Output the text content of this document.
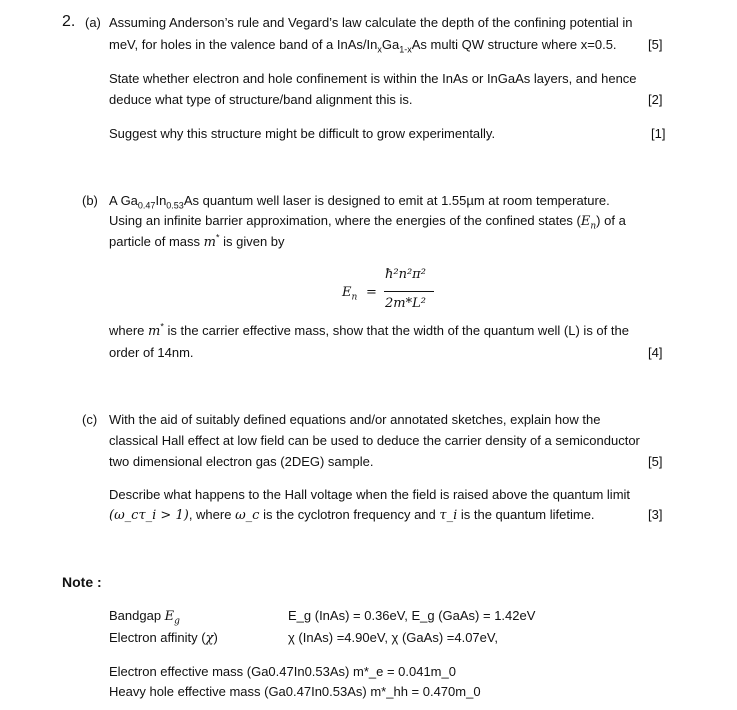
2. (a) Assuming Anderson’s rule and Vegard’s law calculate the depth of the confining potential in
meV, for holes in the valence band of a InAs/$In_xGa_{1-x}As$ multi QW structure where x=0.5. [5]
State whether electron and hole confinement is within the InAs or InGaAs layers, and hence
deduce what type of structure/band alignment this is.	[2]
Suggest why this structure might be difficult to grow experimentally.	[1]
(b) A $Ga_{0.47}In_{0.53}As$ quantum well laser is designed to emit at 1.55µm at room temperature.
Using an infinite barrier approximation, where the energies of the confined states $(E_n)$ of a
particle of mass m* is given by
$E_n$ =
ħ²n²π²
2m*L²
where m* is the carrier effective mass, show that the width of the quantum well (L) is of the
order of 14nm.	[4]
(c) With the aid of suitably defined equations and/or annotated sketches, explain how the
classical Hall effect at low field can be used to deduce the carrier density of a semiconductor
two dimensional electron gas (2DEG) sample.	[5]
Describe what happens to the Hall voltage when the field is raised above the quantum limit
(ω_cτ_i > 1), where ω_c is the cyclotron frequency and τ_i is the quantum lifetime.	[3]
Note :
Bandgap $E_g$	E_g (InAs) = 0.36eV, E_g (GaAs) = 1.42eV
Electron affinity (χ)	χ (InAs) =4.90eV, χ (GaAs) =4.07eV,
Electron effective mass (Ga0.47In0.53As) m*_e = 0.041m_0
Heavy hole effective mass (Ga0.47In0.53As) m*_hh = 0.470m_0
